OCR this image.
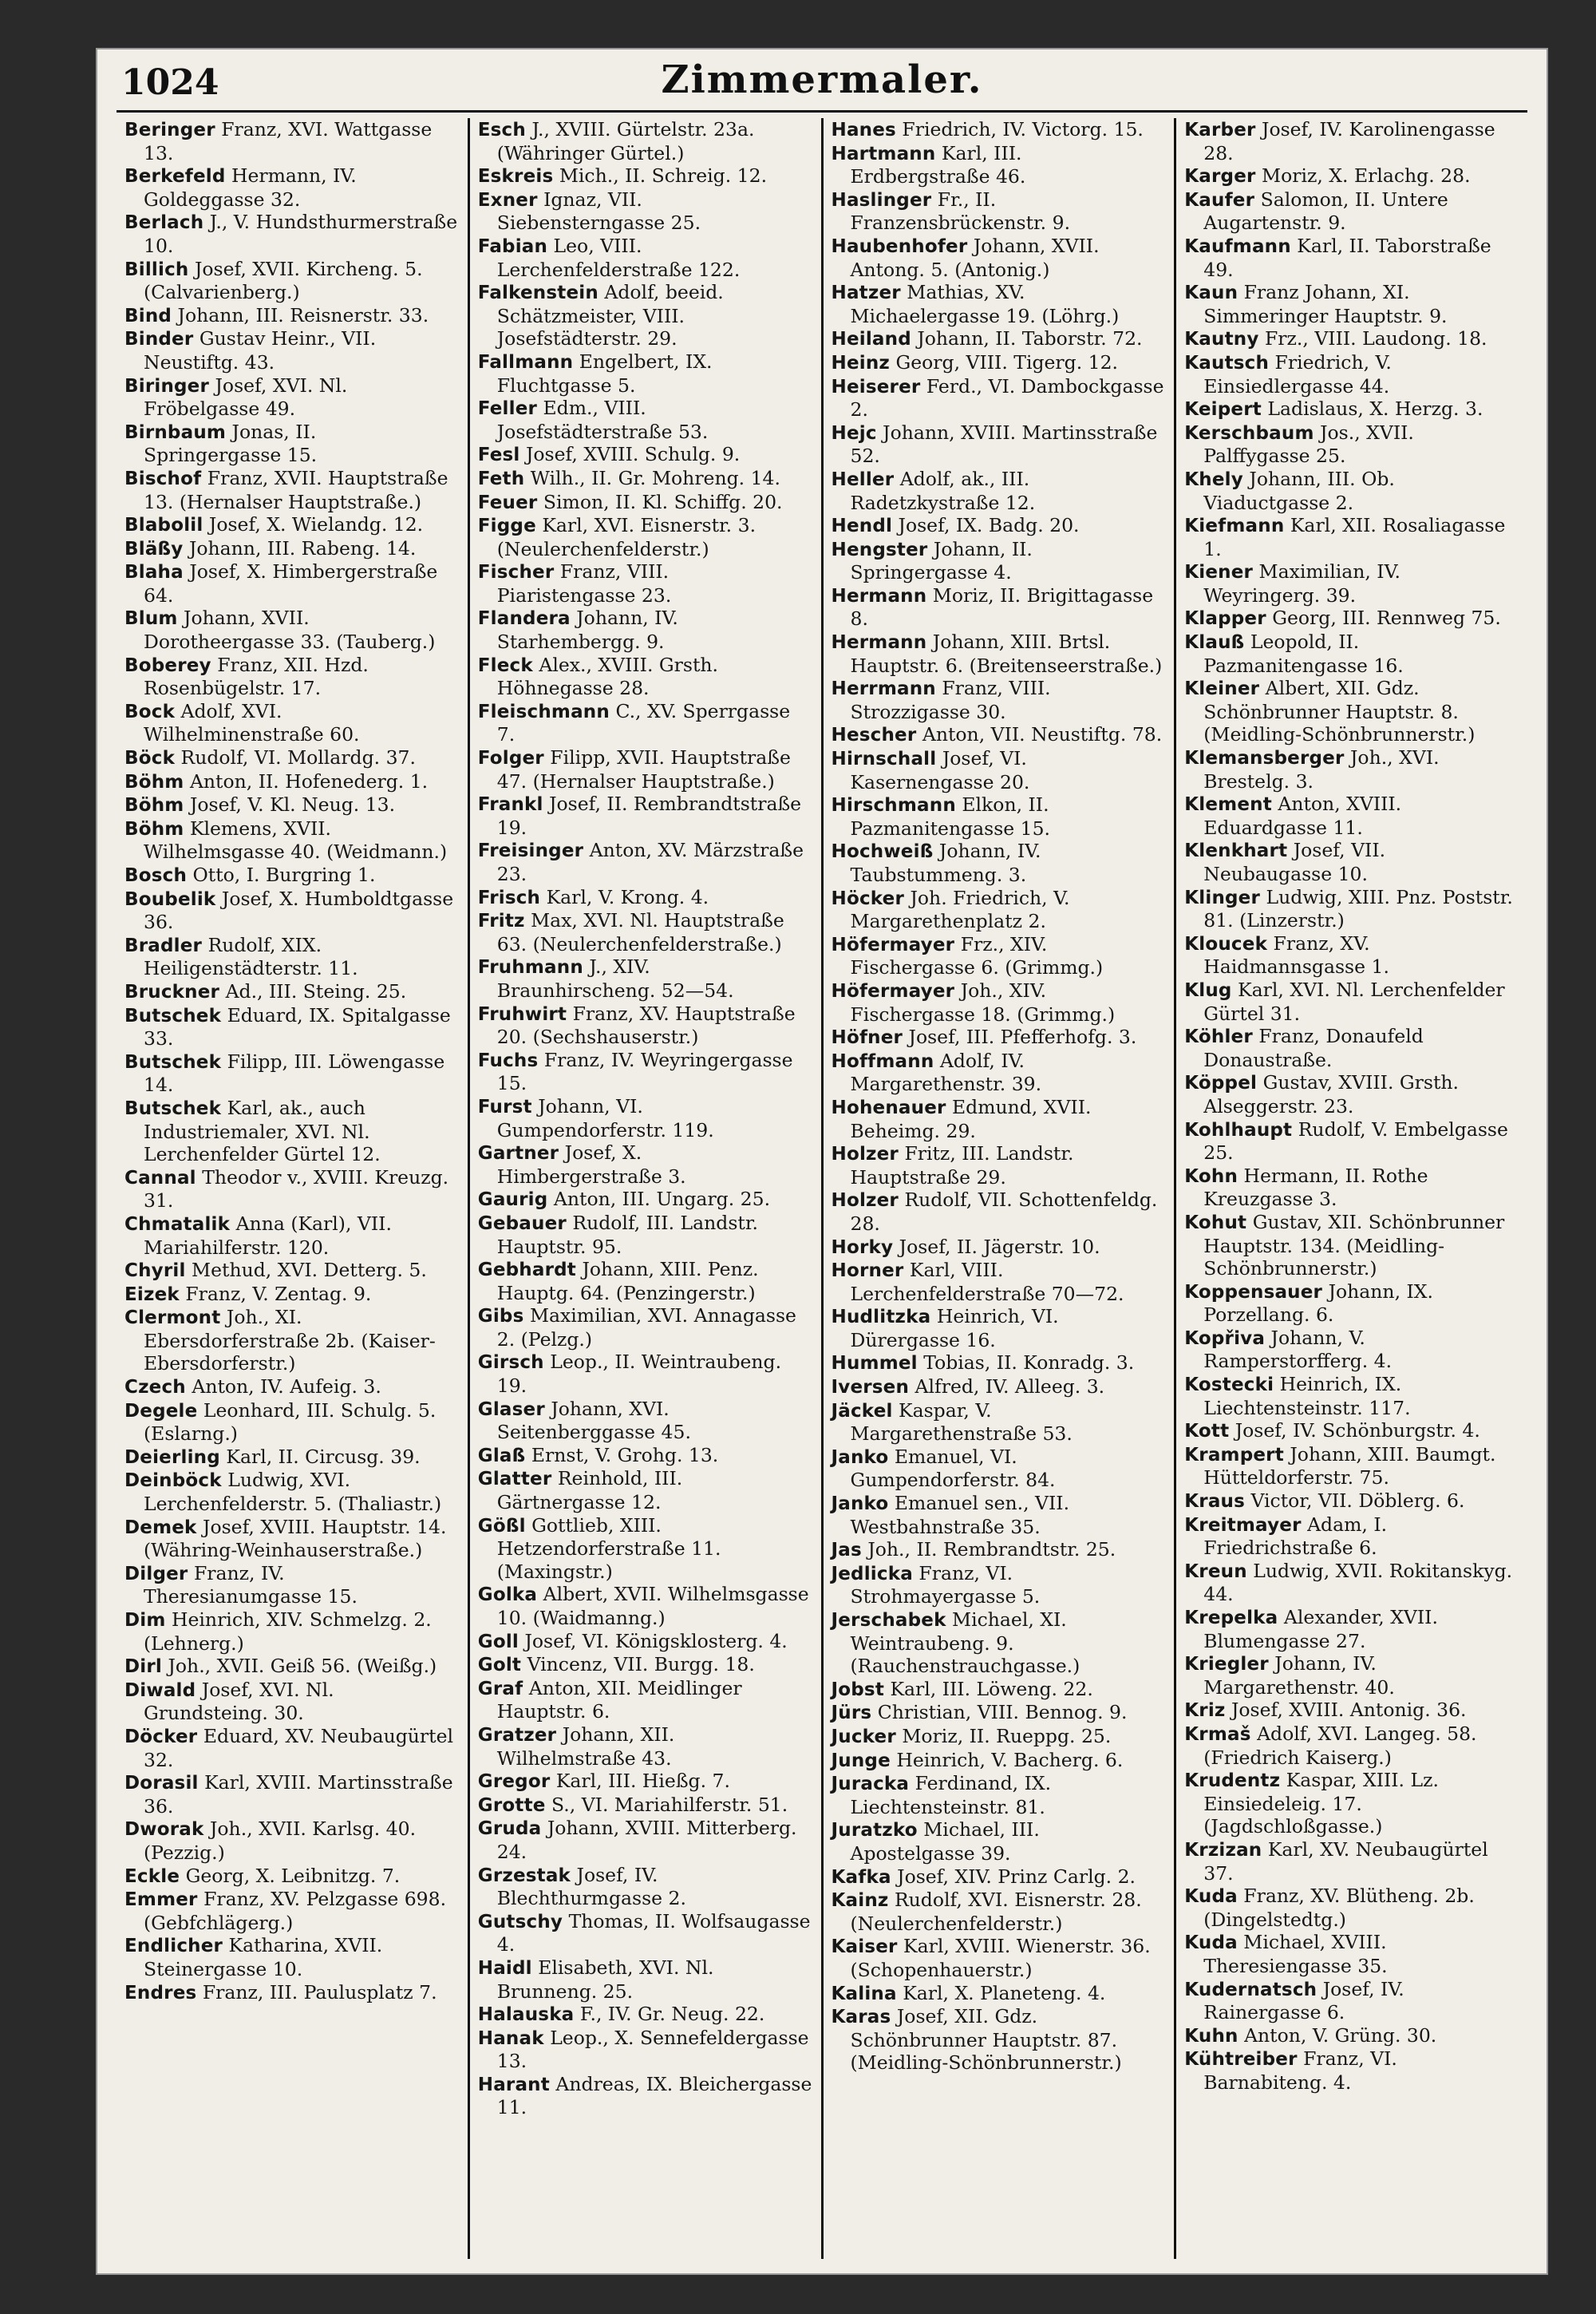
1024	Zimmermaler.
Beringer Franz, XVI. Wattgasse 13.
Berkefeld Hermann, IV. Goldeggasse 32.
Berlach J., V. Hundsthurmerstraße 10.
Billich Josef, XVII. Kircheng. 5. (Calvarienberg.)
Bind Johann, III. Reisnerstr. 33.
Binder Gustav Heinr., VII. Neustiftg. 43.
Biringer Josef, XVI. Nl. Fröbelgasse 49.
Birnbaum Jonas, II. Springergasse 15.
Bischof Franz, XVII. Hauptstraße 13. (Hernalser Hauptstraße.)
Blabolil Josef, X. Wielandg. 12.
Bläßy Johann, III. Rabeng. 14.
Blaha Josef, X. Himbergerstraße 64.
Blum Johann, XVII. Dorotheergasse 33. (Tauberg.)
Boberey Franz, XII. Hzd. Rosenbügelstr. 17.
Bock Adolf, XVI. Wilhelminenstraße 60.
Böck Rudolf, VI. Mollardg. 37.
Böhm Anton, II. Hofenederg. 1.
Böhm Josef, V. Kl. Neug. 13.
Böhm Klemens, XVII. Wilhelmsgasse 40. (Weidmann.)
Bosch Otto, I. Burgring 1.
Boubelik Josef, X. Humboldtgasse 36.
Bradler Rudolf, XIX. Heiligenstädterstr. 11.
Bruckner Ad., III. Steing. 25.
Butschek Eduard, IX. Spitalgasse 33.
Butschek Filipp, III. Löwengasse 14.
Butschek Karl, ak., auch Industriemaler, XVI. Nl. Lerchenfelder Gürtel 12.
Cannal Theodor v., XVIII. Kreuzg. 31.
Chmatalik Anna (Karl), VII. Mariahilferstr. 120.
Chyril Methud, XVI. Detterg. 5.
Eizek Franz, V. Zentag. 9.
Clermont Joh., XI. Ebersdorferstraße 2b. (Kaiser-Ebersdorferstr.)
Czech Anton, IV. Aufeig. 3.
Degele Leonhard, III. Schulg. 5. (Eslarng.)
Deierling Karl, II. Circusg. 39.
Deinböck Ludwig, XVI. Lerchenfelderstr. 5. (Thaliastr.)
Demek Josef, XVIII. Hauptstr. 14. (Währing-Weinhauserstraße.)
Dilger Franz, IV. Theresianumgasse 15.
Dim Heinrich, XIV. Schmelzg. 2. (Lehnerg.)
Dirl Joh., XVII. Geiß 56. (Weißg.)
Diwald Josef, XVI. Nl. Grundsteing. 30.
Döcker Eduard, XV. Neubaugürtel 32.
Dorasil Karl, XVIII. Martinsstraße 36.
Dworak Joh., XVII. Karlsg. 40. (Pezzig.)
Eckle Georg, X. Leibnitzg. 7.
Emmer Franz, XV. Pelzgasse 698. (Gebfchlägerg.)
Endlicher Katharina, XVII. Steinergasse 10.
Endres Franz, III. Paulusplatz 7.
Esch J., XVIII. Gürtelstr. 23a. (Währinger Gürtel.)
Eskreis Mich., II. Schreig. 12.
Exner Ignaz, VII. Siebensterngasse 25.
Fabian Leo, VIII. Lerchenfelderstraße 122.
Falkenstein Adolf, beeid. Schätzmeister, VIII. Josefstädterstr. 29.
Fallmann Engelbert, IX. Fluchtgasse 5.
Feller Edm., VIII. Josefstädterstraße 53.
Fesl Josef, XVIII. Schulg. 9.
Feth Wilh., II. Gr. Mohreng. 14.
Feuer Simon, II. Kl. Schiffg. 20.
Figge Karl, XVI. Eisnerstr. 3. (Neulerchenfelderstr.)
Fischer Franz, VIII. Piaristengasse 23.
Flandera Johann, IV. Starhembergg. 9.
Fleck Alex., XVIII. Grsth. Höhnegasse 28.
Fleischmann C., XV. Sperrgasse 7.
Folger Filipp, XVII. Hauptstraße 47. (Hernalser Hauptstraße.)
Frankl Josef, II. Rembrandtstraße 19.
Freisinger Anton, XV. Märzstraße 23.
Frisch Karl, V. Krong. 4.
Fritz Max, XVI. Nl. Hauptstraße 63. (Neulerchenfelderstraße.)
Fruhmann J., XIV. Braunhirscheng. 52—54.
Fruhwirt Franz, XV. Hauptstraße 20. (Sechshauserstr.)
Fuchs Franz, IV. Weyringergasse 15.
Furst Johann, VI. Gumpendorferstr. 119.
Gartner Josef, X. Himbergerstraße 3.
Gaurig Anton, III. Ungarg. 25.
Gebauer Rudolf, III. Landstr. Hauptstr. 95.
Gebhardt Johann, XIII. Penz. Hauptg. 64. (Penzingerstr.)
Gibs Maximilian, XVI. Annagasse 2. (Pelzg.)
Girsch Leop., II. Weintraubeng. 19.
Glaser Johann, XVI. Seitenberggasse 45.
Glaß Ernst, V. Grohg. 13.
Glatter Reinhold, III. Gärtnergasse 12.
Gößl Gottlieb, XIII. Hetzendorferstraße 11. (Maxingstr.)
Golka Albert, XVII. Wilhelmsgasse 10. (Waidmanng.)
Goll Josef, VI. Königsklosterg. 4.
Golt Vincenz, VII. Burgg. 18.
Graf Anton, XII. Meidlinger Hauptstr. 6.
Gratzer Johann, XII. Wilhelmstraße 43.
Gregor Karl, III. Hießg. 7.
Grotte S., VI. Mariahilferstr. 51.
Gruda Johann, XVIII. Mitterberg. 24.
Grzestak Josef, IV. Blechthurmgasse 2.
Gutschy Thomas, II. Wolfsaugasse 4.
Haidl Elisabeth, XVI. Nl. Brunneng. 25.
Halauska F., IV. Gr. Neug. 22.
Hanak Leop., X. Sennefeldergasse 13.
Harant Andreas, IX. Bleichergasse 11.
Hanes Friedrich, IV. Victorg. 15.
Hartmann Karl, III. Erdbergstraße 46.
Haslinger Fr., II. Franzensbrückenstr. 9.
Haubenhofer Johann, XVII. Antong. 5. (Antonig.)
Hatzer Mathias, XV. Michaelergasse 19. (Löhrg.)
Heiland Johann, II. Taborstr. 72.
Heinz Georg, VIII. Tigerg. 12.
Heiserer Ferd., VI. Dambockgasse 2.
Hejc Johann, XVIII. Martinsstraße 52.
Heller Adolf, ak., III. Radetzkystraße 12.
Hendl Josef, IX. Badg. 20.
Hengster Johann, II. Springergasse 4.
Hermann Moriz, II. Brigittagasse 8.
Hermann Johann, XIII. Brtsl. Hauptstr. 6. (Breitenseerstraße.)
Herrmann Franz, VIII. Strozzigasse 30.
Hescher Anton, VII. Neustiftg. 78.
Hirnschall Josef, VI. Kasernengasse 20.
Hirschmann Elkon, II. Pazmanitengasse 15.
Hochweiß Johann, IV. Taubstummeng. 3.
Höcker Joh. Friedrich, V. Margarethenplatz 2.
Höfermayer Frz., XIV. Fischergasse 6. (Grimmg.)
Höfermayer Joh., XIV. Fischergasse 18. (Grimmg.)
Höfner Josef, III. Pfefferhofg. 3.
Hoffmann Adolf, IV. Margarethenstr. 39.
Hohenauer Edmund, XVII. Beheimg. 29.
Holzer Fritz, III. Landstr. Hauptstraße 29.
Holzer Rudolf, VII. Schottenfeldg. 28.
Horky Josef, II. Jägerstr. 10.
Horner Karl, VIII. Lerchenfelderstraße 70—72.
Hudlitzka Heinrich, VI. Dürergasse 16.
Hummel Tobias, II. Konradg. 3.
Iversen Alfred, IV. Alleeg. 3.
Jäckel Kaspar, V. Margarethenstraße 53.
Janko Emanuel, VI. Gumpendorferstr. 84.
Janko Emanuel sen., VII. Westbahnstraße 35.
Jas Joh., II. Rembrandtstr. 25.
Jedlicka Franz, VI. Strohmayergasse 5.
Jerschabek Michael, XI. Weintraubeng. 9. (Rauchenstrauchgasse.)
Jobst Karl, III. Löweng. 22.
Jürs Christian, VIII. Bennog. 9.
Jucker Moriz, II. Rueppg. 25.
Junge Heinrich, V. Bacherg. 6.
Juracka Ferdinand, IX. Liechtensteinstr. 81.
Juratzko Michael, III. Apostelgasse 39.
Kafka Josef, XIV. Prinz Carlg. 2.
Kainz Rudolf, XVI. Eisnerstr. 28. (Neulerchenfelderstr.)
Kaiser Karl, XVIII. Wienerstr. 36. (Schopenhauerstr.)
Kalina Karl, X. Planeteng. 4.
Karas Josef, XII. Gdz. Schönbrunner Hauptstr. 87. (Meidling-Schönbrunnerstr.)
Karber Josef, IV. Karolinengasse 28.
Karger Moriz, X. Erlachg. 28.
Kaufer Salomon, II. Untere Augartenstr. 9.
Kaufmann Karl, II. Taborstraße 49.
Kaun Franz Johann, XI. Simmeringer Hauptstr. 9.
Kautny Frz., VIII. Laudong. 18.
Kautsch Friedrich, V. Einsiedlergasse 44.
Keipert Ladislaus, X. Herzg. 3.
Kerschbaum Jos., XVII. Palffygasse 25.
Khely Johann, III. Ob. Viaductgasse 2.
Kiefmann Karl, XII. Rosaliagasse 1.
Kiener Maximilian, IV. Weyringerg. 39.
Klapper Georg, III. Rennweg 75.
Klauß Leopold, II. Pazmanitengasse 16.
Kleiner Albert, XII. Gdz. Schönbrunner Hauptstr. 8. (Meidling-Schönbrunnerstr.)
Klemansberger Joh., XVI. Brestelg. 3.
Klement Anton, XVIII. Eduardgasse 11.
Klenkhart Josef, VII. Neubaugasse 10.
Klinger Ludwig, XIII. Pnz. Poststr. 81. (Linzerstr.)
Kloucek Franz, XV. Haidmannsgasse 1.
Klug Karl, XVI. Nl. Lerchenfelder Gürtel 31.
Köhler Franz, Donaufeld Donaustraße.
Köppel Gustav, XVIII. Grsth. Alseggerstr. 23.
Kohlhaupt Rudolf, V. Embelgasse 25.
Kohn Hermann, II. Rothe Kreuzgasse 3.
Kohut Gustav, XII. Schönbrunner Hauptstr. 134. (Meidling-Schönbrunnerstr.)
Koppensauer Johann, IX. Porzellang. 6.
Kopřiva Johann, V. Ramperstorfferg. 4.
Kostecki Heinrich, IX. Liechtensteinstr. 117.
Kott Josef, IV. Schönburgstr. 4.
Krampert Johann, XIII. Baumgt. Hütteldorferstr. 75.
Kraus Victor, VII. Döblerg. 6.
Kreitmayer Adam, I. Friedrichstraße 6.
Kreun Ludwig, XVII. Rokitanskyg. 44.
Krepelka Alexander, XVII. Blumengasse 27.
Kriegler Johann, IV. Margarethenstr. 40.
Kriz Josef, XVIII. Antonig. 36.
Krmaš Adolf, XVI. Langeg. 58. (Friedrich Kaiserg.)
Krudentz Kaspar, XIII. Lz. Einsiedeleig. 17. (Jagdschloßgasse.)
Krzizan Karl, XV. Neubaugürtel 37.
Kuda Franz, XV. Blütheng. 2b. (Dingelstedtg.)
Kuda Michael, XVIII. Theresiengasse 35.
Kudernatsch Josef, IV. Rainergasse 6.
Kuhn Anton, V. Grüng. 30.
Kühtreiber Franz, VI. Barnabiteng. 4.
